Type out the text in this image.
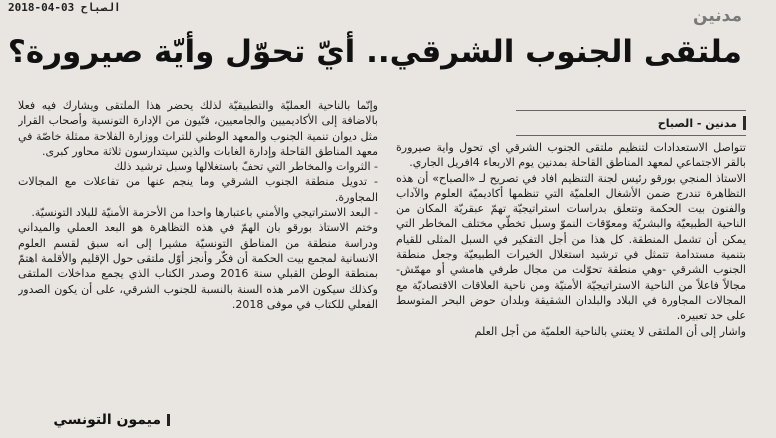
2018-04-03 الصباح	مدنين
ملتقى الجنوب الشرقي.. أيّ تحوّل وأيّة صيرورة؟
مدنين - الصباح

تتواصل الاستعدادات لتنظيم ملتقى الجنوب الشرقي اي تحول واية صيرورة بالقر الاجتماعي لمعهد المناطق القاحلة بمدنين يوم الاربعاء 4افريل الجاري.

الاستاذ المنجي بورقو رئيس لجنة التنظيم افاد في تصريح لـ «الصباح» أن هذه التظاهرة تندرج ضمن الأشغال العلميّة التي تنظمها أكاديميّة العلوم والآداب والفنون بيت الحكمة وتتعلق بدراسات استراتيجيّة تهمّ عبقريّة المكان من الناحية الطبيعيّة والبشريّة ومعوّقات النموّ وسبل تخطّي مختلف المخاطر التي يمكن أن تشمل المنطقة. كل هذا من أجل التفكير في السبل المثلى للقيام بتنمية مستدامة تتمثل في ترشيد استغلال الخيرات الطبيعيّة وجعل منطقة الجنوب الشرقي -وهي منطقة تحوّلت من مجال طرفي هامشي أو مهمّش- مجالاً فاعلاً من الناحية الاستراتيجيّة الأمنيّة ومن ناحية العلاقات الاقتصاديّة مع المجالات المجاورة في البلاد والبلدان الشقيقة وبلدان حوض البحر المتوسط على حد تعبيره.

واشار إلى أن الملتقى لا يعتني بالناحية العلميّة من أجل العلم

وإنّما بالناحية العمليّة والتطبيقيّة لذلك يحضر هذا الملتقى ويشارك فيه فعلا بالاضافة إلى الأكاديميين والجامعيين، فنّيون من الإدارة التونسية وأصحاب القرار مثل ديوان تنمية الجنوب والمعهد الوطني للتراث ووزارة الفلاحة ممثلة خاصّة في معهد المناطق القاحلة وإدارة الغابات والذين سيتدارسون ثلاثة محاور كبرى.

- الثروات والمخاطر التي تحفّ باستغلالها وسبل ترشيد ذلك

- تدويل منطقة الجنوب الشرقي وما ينجم عنها من تفاعلات مع المجالات المجاورة.

- البعد الاستراتيجي والأمني باعتبارها واحدا من الأحزمة الأمنيّة للبلاد التونسيّة.

وختم الاستاذ بورقو بان الهمّ في هذه التظاهرة هو البعد العملي والميداني ودراسة منطقة من المناطق التونسيّة مشيرا إلى انه سبق لقسم العلوم الانسانية لمجمع بيت الحكمة أن فكّر وأنجز أوّل ملتقى حول الإقليم والأقلمة اهتمّ بمنطقة الوطن القبلي سنة 2016 وصدر الكتاب الذي يجمع مداخلات الملتقى وكذلك سيكون الامر هذه السنة بالنسبة للجنوب الشرقي، على أن يكون الصدور الفعلي للكتاب في موفى 2018.

ميمون التونسي
